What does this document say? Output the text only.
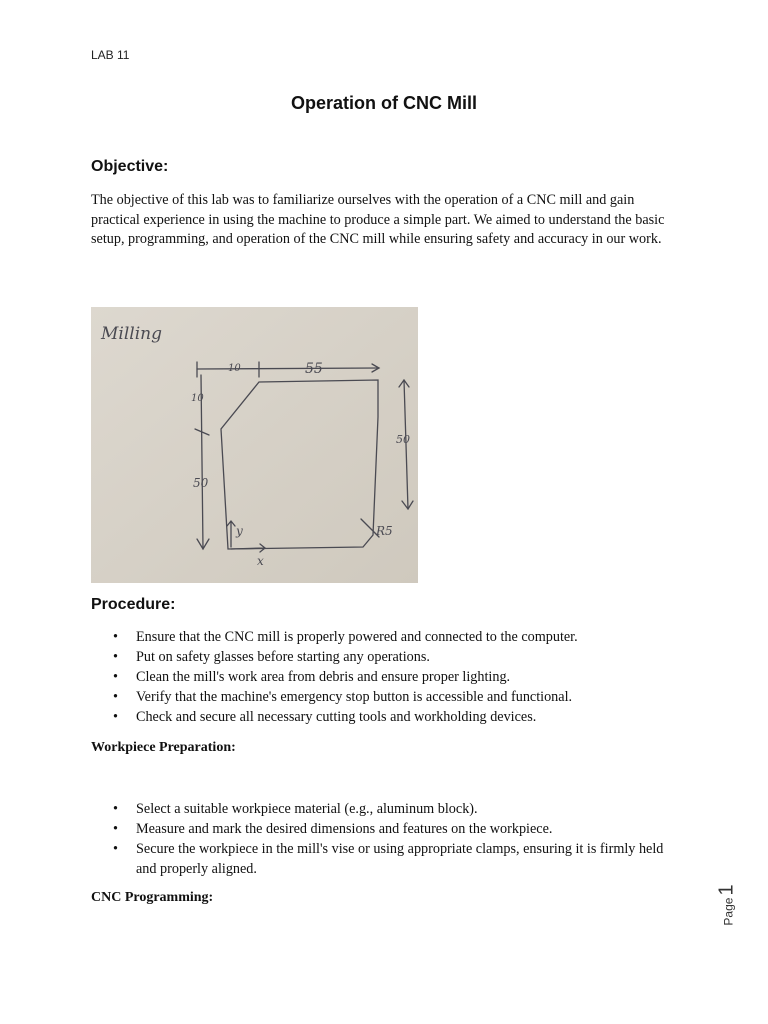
LAB 11
Operation of CNC Mill
Objective:

The objective of this lab was to familiarize ourselves with the operation of a CNC mill and gain practical experience in using the machine to produce a simple part. We aimed to understand the basic setup, programming, and operation of the CNC mill while ensuring safety and accuracy in our work.

Milling
10	55
10
50
50
R5
y
x
Procedure:
• Ensure that the CNC mill is properly powered and connected to the computer.
• Put on safety glasses before starting any operations.
• Clean the mill's work area from debris and ensure proper lighting.
• Verify that the machine's emergency stop button is accessible and functional.
• Check and secure all necessary cutting tools and workholding devices.
Workpiece Preparation:
• Select a suitable workpiece material (e.g., aluminum block).
• Measure and mark the desired dimensions and features on the workpiece.
• Secure the workpiece in the mill's vise or using appropriate clamps, ensuring it is firmly held and properly aligned.
CNC Programming:
Page1
